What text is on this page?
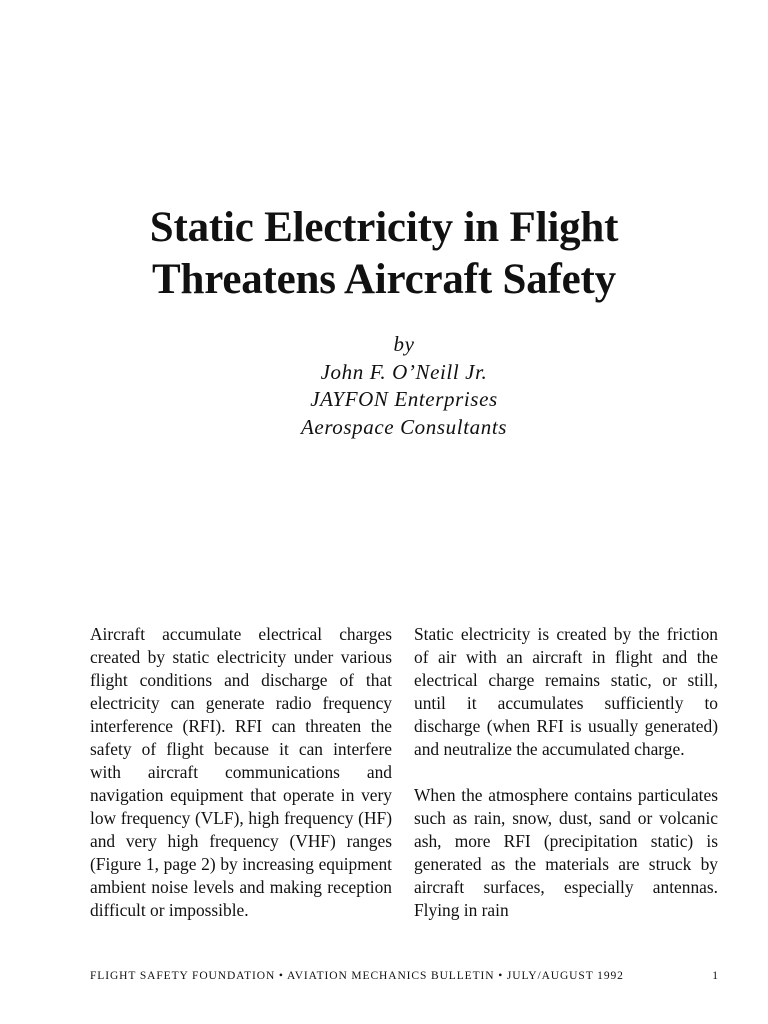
Static Electricity in Flight
Threatens Aircraft Safety
by
John F. O’Neill Jr.
JAYFON Enterprises
Aerospace Consultants

Aircraft accumulate electrical charges created by static electricity under various flight conditions and discharge of that electricity can generate radio frequency interference (RFI). RFI can threaten the safety of flight because it can interfere with aircraft communications and navigation equipment that operate in very low frequency (VLF), high frequency (HF) and very high frequency (VHF) ranges (Figure 1, page 2) by increasing equipment ambient noise levels and making reception difficult or impossible.

Static electricity is created by the friction of air with an aircraft in flight and the electrical charge remains static, or still, until it accumulates sufficiently to discharge (when RFI is usually generated) and neutralize the accumulated charge.

When the atmosphere contains particulates such as rain, snow, dust, sand or volcanic ash, more RFI (precipitation static) is generated as the materials are struck by aircraft surfaces, especially antennas. Flying in rain

FLIGHT SAFETY FOUNDATION • AVIATION MECHANICS BULLETIN • JULY/AUGUST 1992	1
